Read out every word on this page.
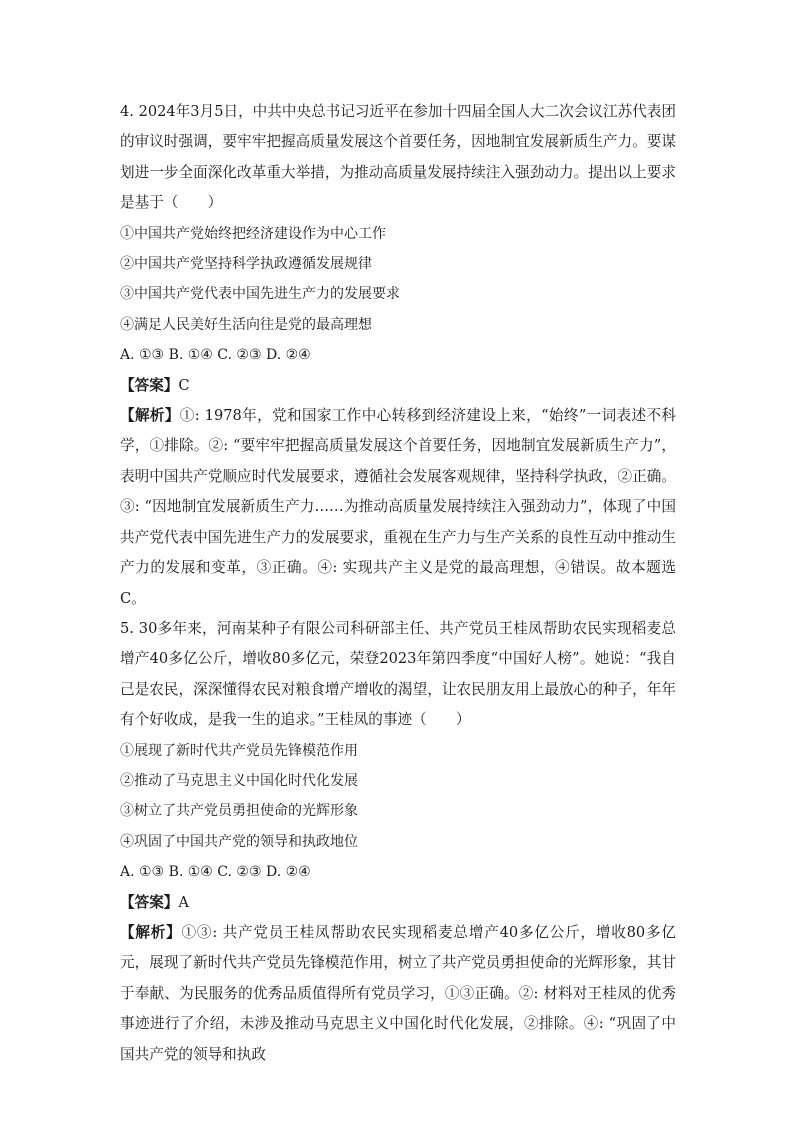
4. 2024年3月5日，中共中央总书记习近平在参加十四届全国人大二次会议江苏代表团的审议时强调，要牢牢把握高质量发展这个首要任务，因地制宜发展新质生产力。要谋划进一步全面深化改革重大举措，为推动高质量发展持续注入强劲动力。提出以上要求是基于（　　）

①中国共产党始终把经济建设作为中心工作

②中国共产党坚持科学执政遵循发展规律

③中国共产党代表中国先进生产力的发展要求

④满足人民美好生活向往是党的最高理想

A. ①③ B. ①④ C. ②③ D. ②④

【答案】C

【解析】①: 1978年，党和国家工作中心转移到经济建设上来，“始终”一词表述不科学，①排除。②: “要牢牢把握高质量发展这个首要任务，因地制宜发展新质生产力”，表明中国共产党顺应时代发展要求，遵循社会发展客观规律，坚持科学执政，②正确。③: “因地制宜发展新质生产力……为推动高质量发展持续注入强劲动力”，体现了中国共产党代表中国先进生产力的发展要求，重视在生产力与生产关系的良性互动中推动生产力的发展和变革，③正确。④: 实现共产主义是党的最高理想，④错误。故本题选C。

5. 30多年来，河南某种子有限公司科研部主任、共产党员王桂凤帮助农民实现稻麦总增产40多亿公斤，增收80多亿元，荣登2023年第四季度“中国好人榜”。她说：“我自己是农民，深深懂得农民对粮食增产增收的渴望，让农民朋友用上最放心的种子，年年有个好收成，是我一生的追求。”王桂凤的事迹（　　）

①展现了新时代共产党员先锋模范作用

②推动了马克思主义中国化时代化发展

③树立了共产党员勇担使命的光辉形象

④巩固了中国共产党的领导和执政地位

A. ①③ B. ①④ C. ②③ D. ②④

【答案】A

【解析】①③: 共产党员王桂凤帮助农民实现稻麦总增产40多亿公斤，增收80多亿元，展现了新时代共产党员先锋模范作用，树立了共产党员勇担使命的光辉形象，其甘于奉献、为民服务的优秀品质值得所有党员学习，①③正确。②: 材料对王桂凤的优秀事迹进行了介绍，未涉及推动马克思主义中国化时代化发展，②排除。④: “巩固了中国共产党的领导和执政
